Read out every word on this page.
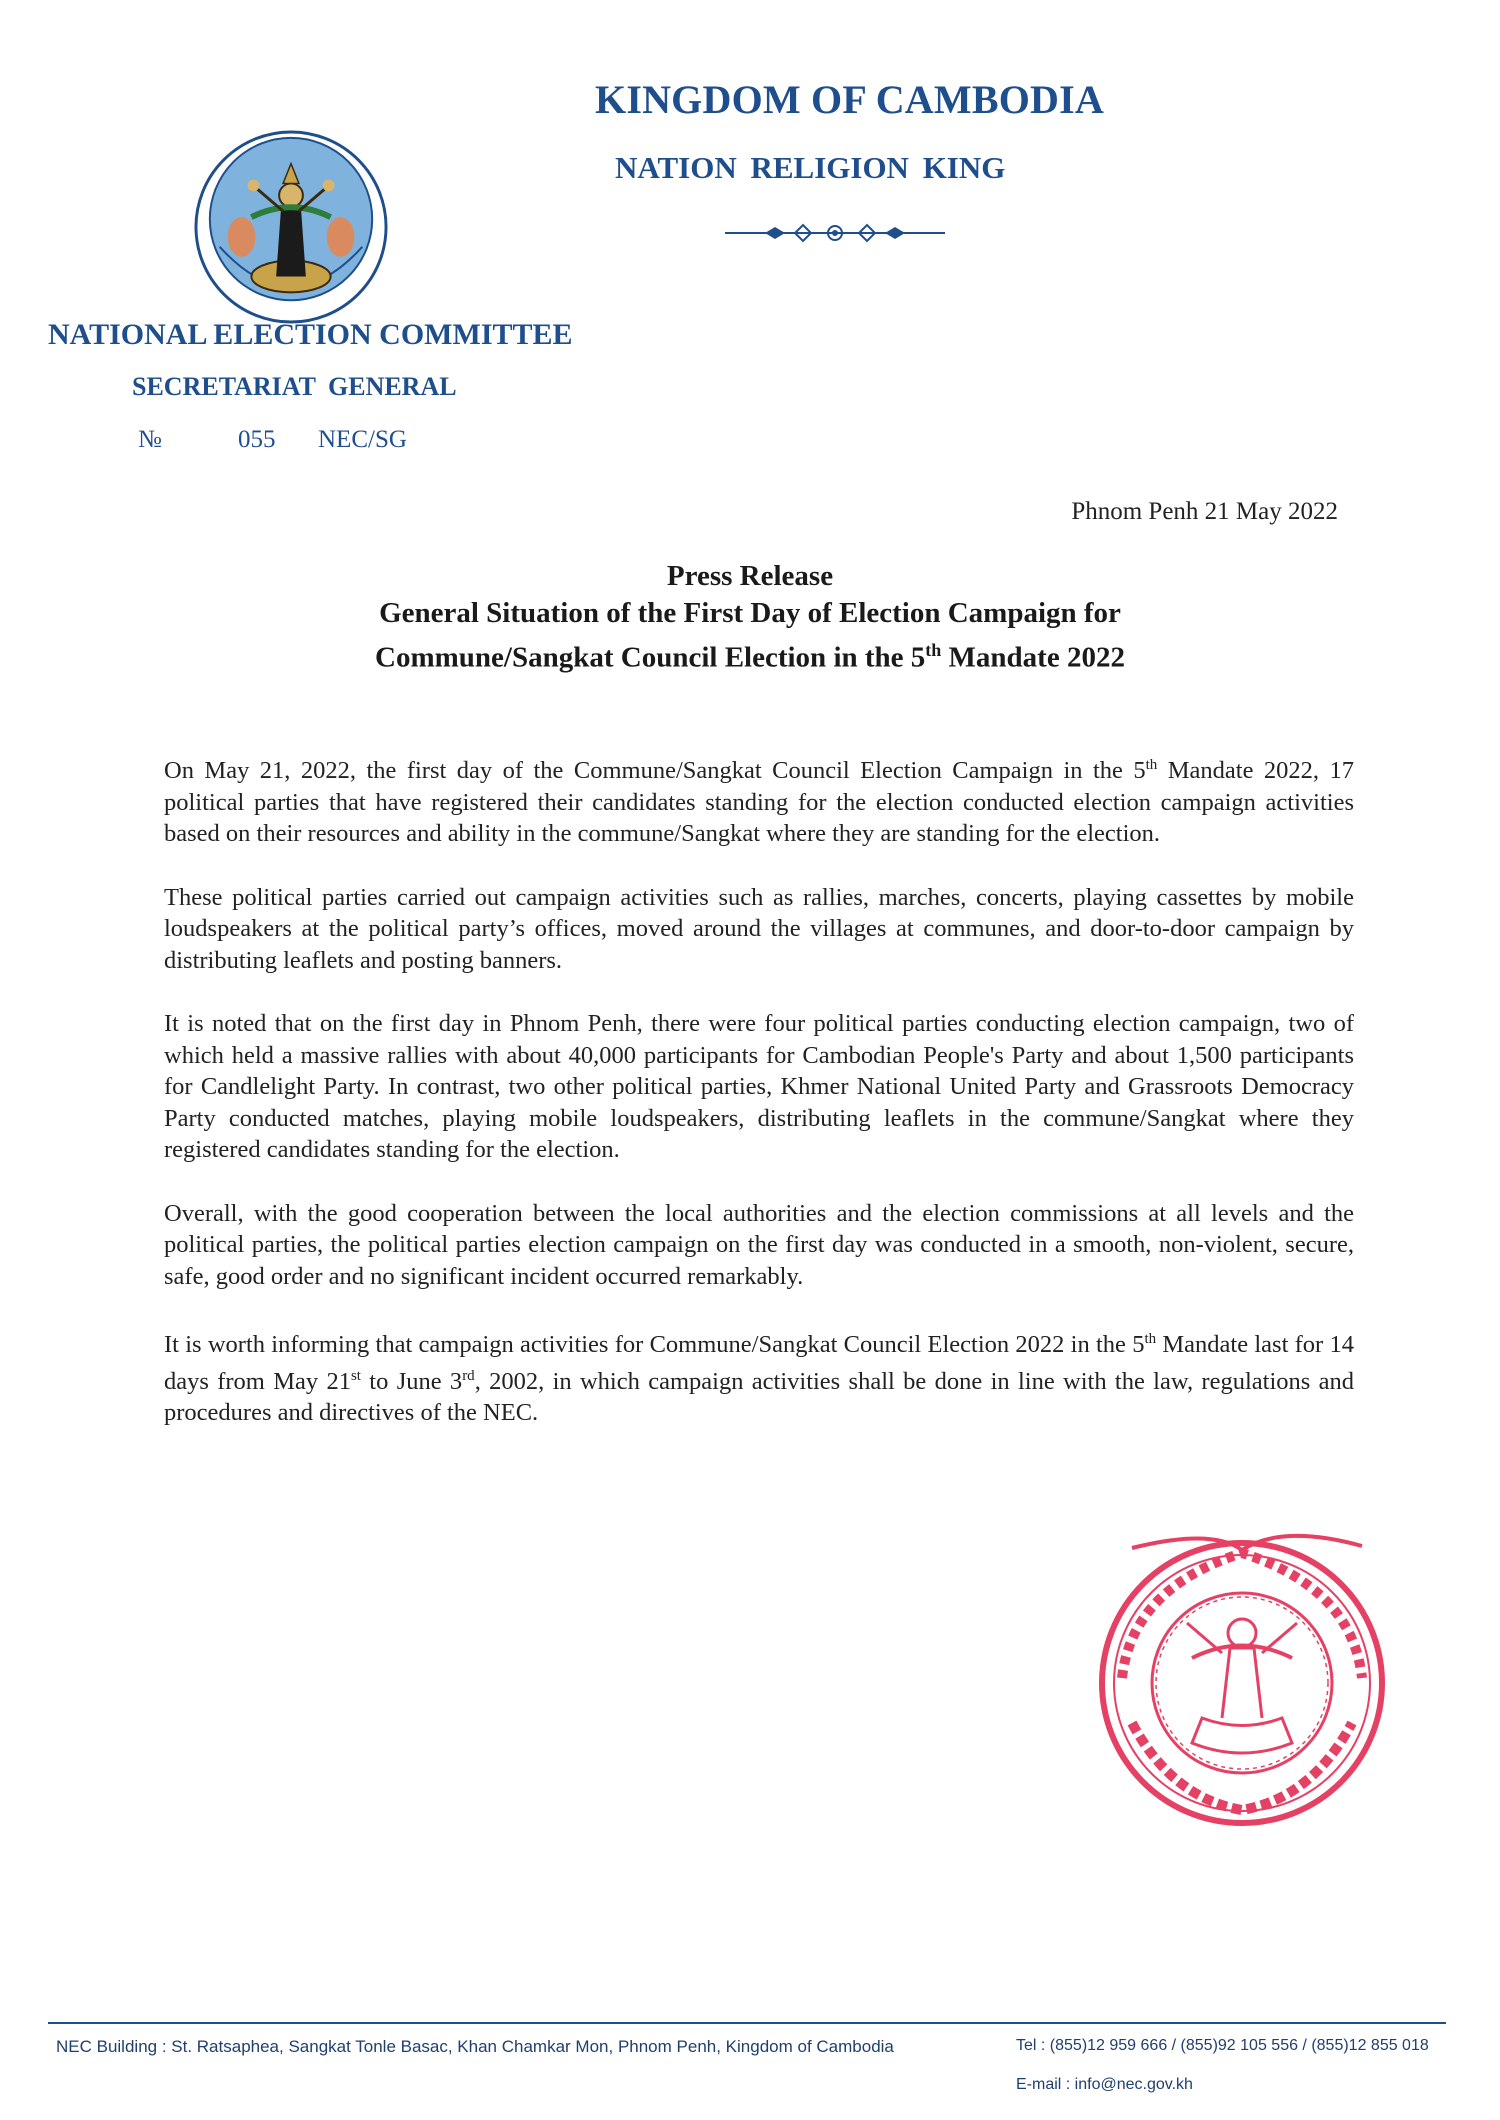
KINGDOM OF CAMBODIA
NATION RELIGION KING
NATIONAL ELECTION COMMITTEE
SECRETARIAT GENERAL
№	055 NEC/SG
Phnom Penh 21 May 2022
Press Release
General Situation of the First Day of Election Campaign for
Commune/Sangkat Council Election in the 5th Mandate 2022

On May 21, 2022, the first day of the Commune/Sangkat Council Election Campaign in the 5th Mandate 2022, 17 political parties that have registered their candidates standing for the election conducted election campaign activities based on their resources and ability in the commune/Sangkat where they are standing for the election.

These political parties carried out campaign activities such as rallies, marches, concerts, playing cassettes by mobile loudspeakers at the political party’s offices, moved around the villages at communes, and door-to-door campaign by distributing leaflets and posting banners.

It is noted that on the first day in Phnom Penh, there were four political parties conducting election campaign, two of which held a massive rallies with about 40,000 participants for Cambodian People's Party and about 1,500 participants for Candlelight Party. In contrast, two other political parties, Khmer National United Party and Grassroots Democracy Party conducted matches, playing mobile loudspeakers, distributing leaflets in the commune/Sangkat where they registered candidates standing for the election.

Overall, with the good cooperation between the local authorities and the election commissions at all levels and the political parties, the political parties election campaign on the first day was conducted in a smooth, non-violent, secure, safe, good order and no significant incident occurred remarkably.

It is worth informing that campaign activities for Commune/Sangkat Council Election 2022 in the 5th Mandate last for 14 days from May 21st to June 3rd, 2002, in which campaign activities shall be done in line with the law, regulations and procedures and directives of the NEC.

NEC Building : St. Ratsaphea, Sangkat Tonle Basac, Khan Chamkar Mon, Phnom Penh, Kingdom of Cambodia	Tel : (855)12 959 666 / (855)92 105 556 / (855)12 855 018
E-mail : info@nec.gov.kh
